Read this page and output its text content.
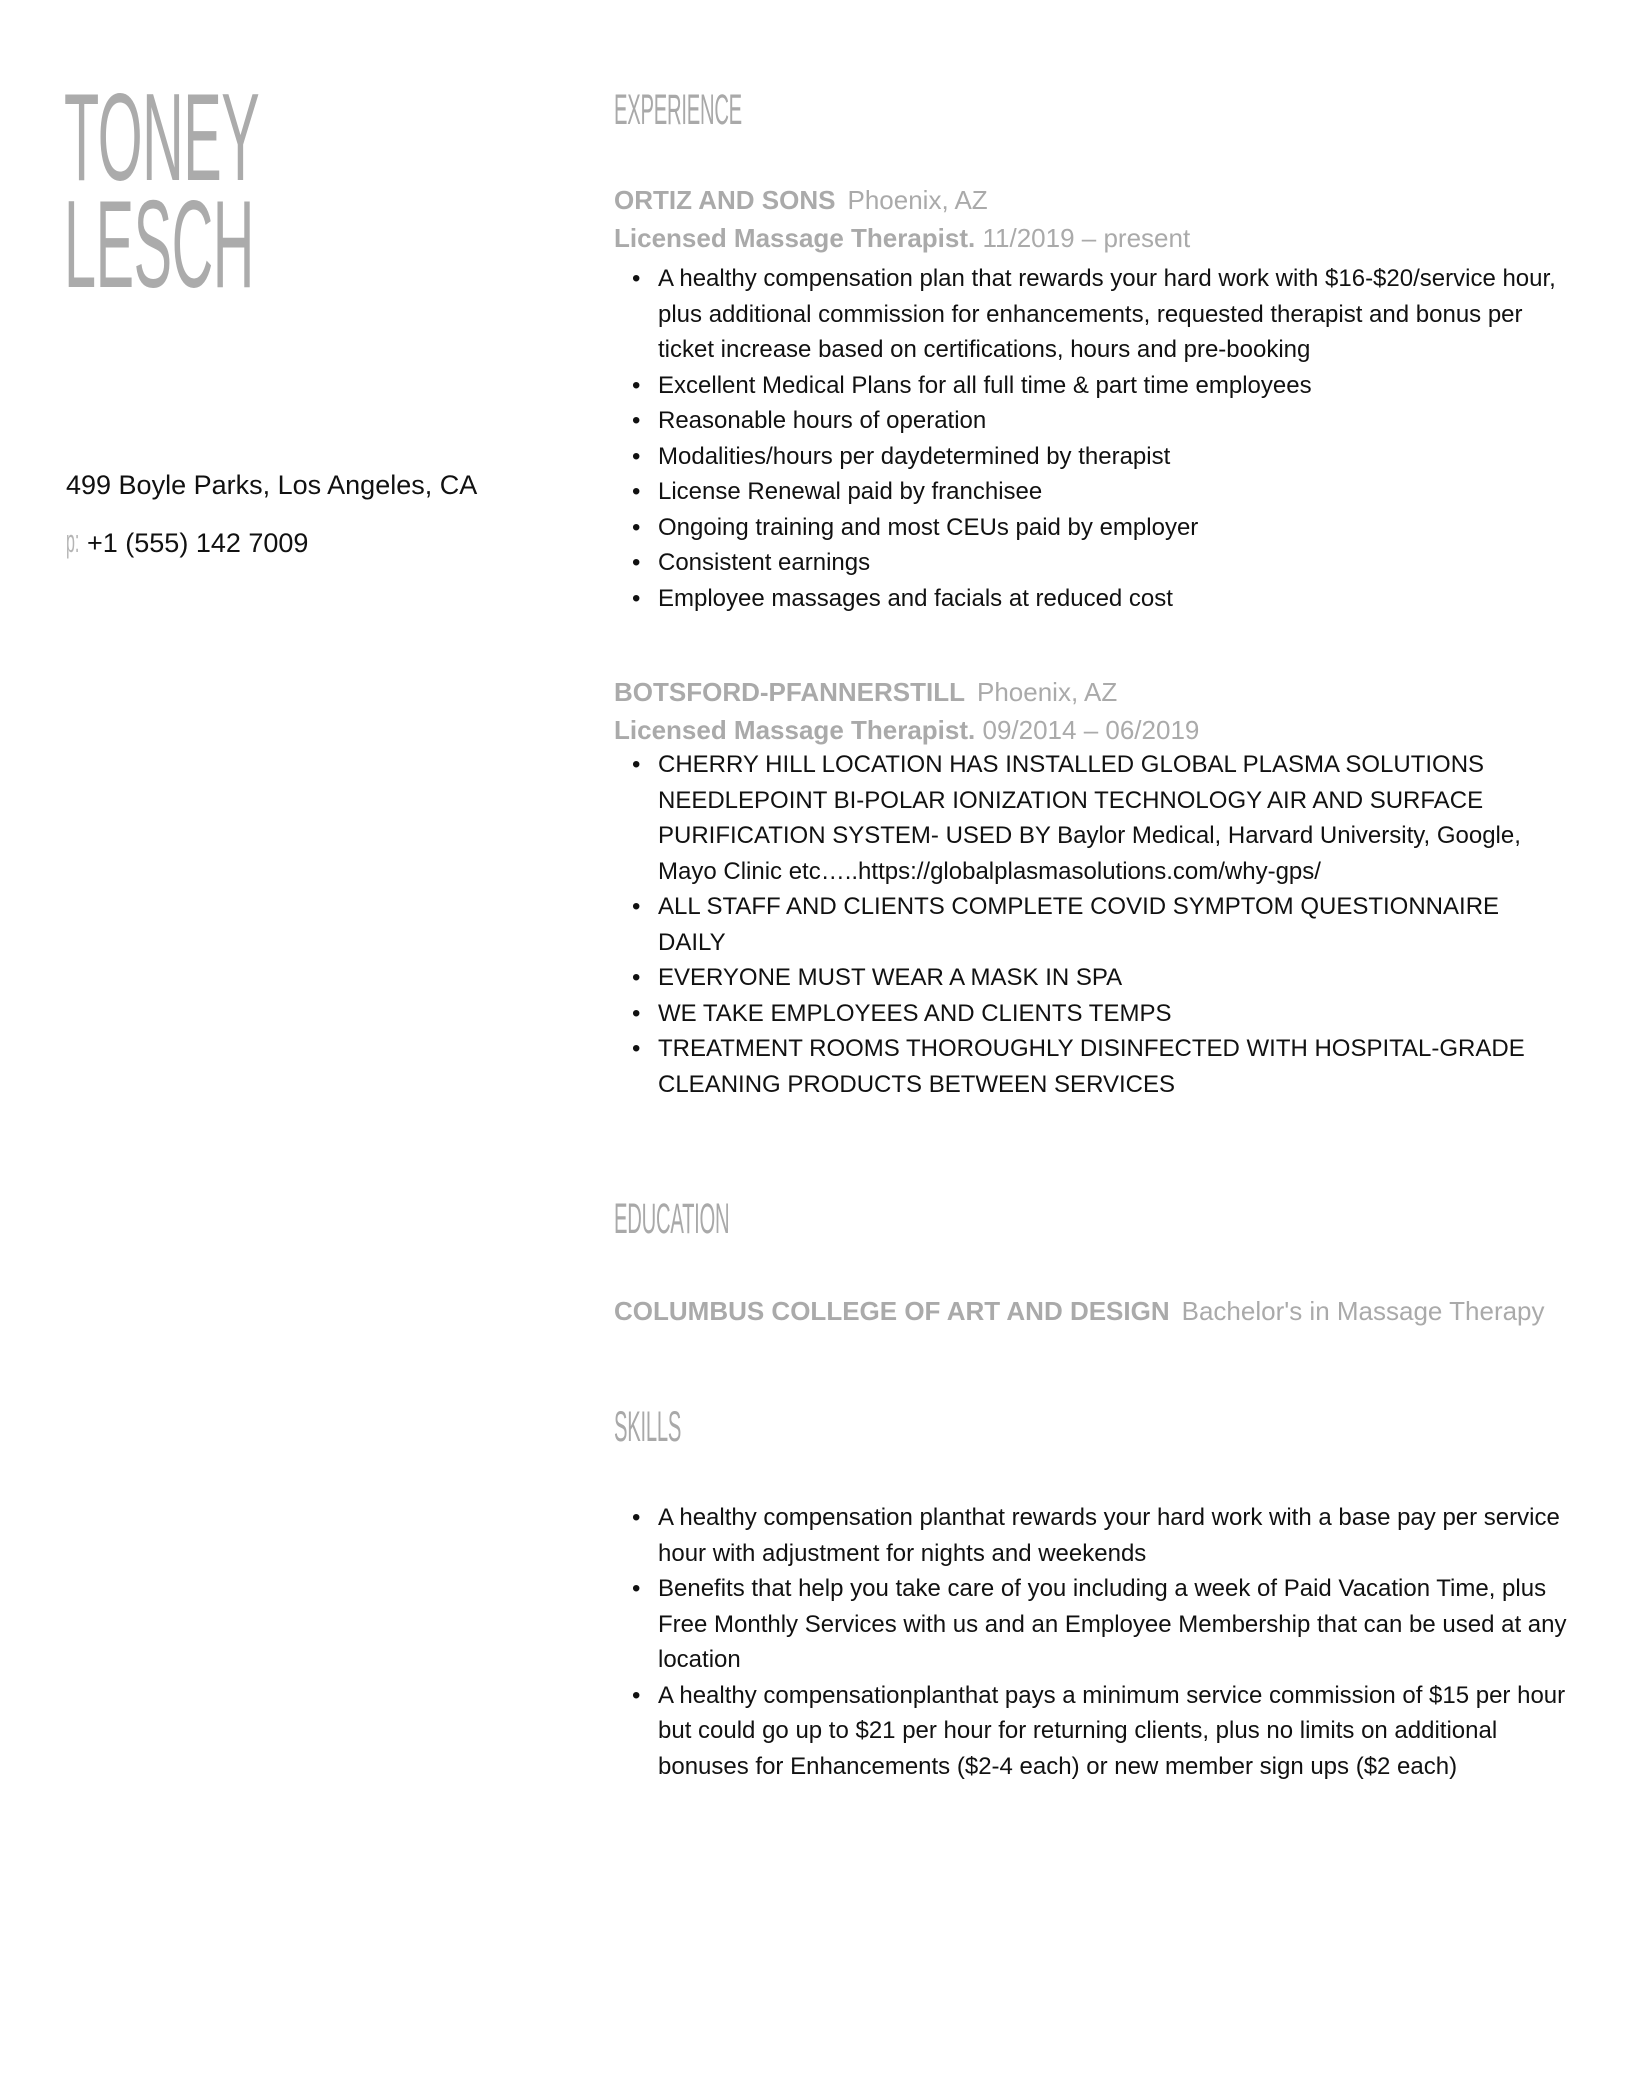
TONEY
LESCH
499 Boyle Parks, Los Angeles, CA
p: +1 (555) 142 7009
EXPERIENCE
ORTIZ AND SONS Phoenix, AZ
Licensed Massage Therapist. 11/2019 – present
• A healthy compensation plan that rewards your hard work with $16-$20/service hour, plus additional commission for enhancements, requested therapist and bonus per ticket increase based on certifications, hours and pre-booking
• Excellent Medical Plans for all full time & part time employees
• Reasonable hours of operation
• Modalities/hours per daydetermined by therapist
• License Renewal paid by franchisee
• Ongoing training and most CEUs paid by employer
• Consistent earnings
• Employee massages and facials at reduced cost
BOTSFORD-PFANNERSTILL Phoenix, AZ
Licensed Massage Therapist. 09/2014 – 06/2019
• CHERRY HILL LOCATION HAS INSTALLED GLOBAL PLASMA SOLUTIONS NEEDLEPOINT BI-POLAR IONIZATION TECHNOLOGY AIR AND SURFACE PURIFICATION SYSTEM- USED BY Baylor Medical, Harvard University, Google, Mayo Clinic etc…..https://globalplasmasolutions.com/why-gps/
• ALL STAFF AND CLIENTS COMPLETE COVID SYMPTOM QUESTIONNAIRE DAILY
• EVERYONE MUST WEAR A MASK IN SPA
• WE TAKE EMPLOYEES AND CLIENTS TEMPS
• TREATMENT ROOMS THOROUGHLY DISINFECTED WITH HOSPITAL-GRADE CLEANING PRODUCTS BETWEEN SERVICES
EDUCATION
COLUMBUS COLLEGE OF ART AND DESIGN Bachelor's in Massage Therapy
SKILLS
• A healthy compensation planthat rewards your hard work with a base pay per service hour with adjustment for nights and weekends
• Benefits that help you take care of you including a week of Paid Vacation Time, plus Free Monthly Services with us and an Employee Membership that can be used at any location
• A healthy compensationplanthat pays a minimum service commission of $15 per hour but could go up to $21 per hour for returning clients, plus no limits on additional bonuses for Enhancements ($2-4 each) or new member sign ups ($2 each)
